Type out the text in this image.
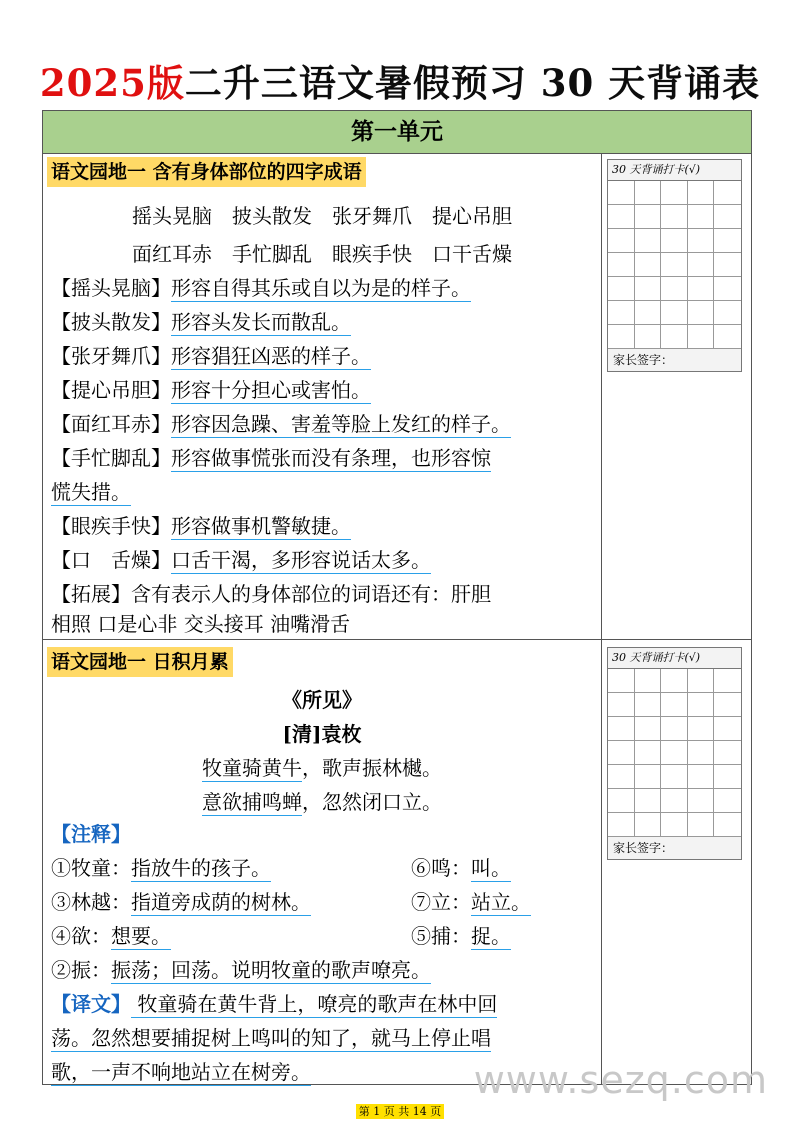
2025版二升三语文暑假预习 30 天背诵表
第一单元
语文园地一 含有身体部位的四字成语
摇头晃脑 披头散发 张牙舞爪 提心吊胆
面红耳赤 手忙脚乱 眼疾手快 口干舌燥
【摇头晃脑】形容自得其乐或自以为是的样子。
【披头散发】形容头发长而散乱。
【张牙舞爪】形容猖狂凶恶的样子。
【提心吊胆】形容十分担心或害怕。
【面红耳赤】形容因急躁、害羞等脸上发红的样子。
【手忙脚乱】形容做事慌张而没有条理，也形容惊
慌失措。
【眼疾手快】形容做事机警敏捷。
【口　舌燥】口舌干渴，多形容说话太多。
【拓展】含有表示人的身体部位的词语还有：肝胆
相照 口是心非 交头接耳 油嘴滑舌
30 天背诵打卡(√)
家长签字：
语文园地一 日积月累
《所见》
[清]袁枚
牧童骑黄牛，歌声振林樾。
意欲捕鸣蝉，忽然闭口立。
【注释】
①牧童：指放牛的孩子。	⑥鸣：叫。
③林越：指道旁成荫的树林。	⑦立：站立。
④欲：想要。	⑤捕：捉。
②振：振荡；回荡。说明牧童的歌声嘹亮。
【译文】 牧童骑在黄牛背上，嘹亮的歌声在林中回
荡。忽然想要捕捉树上鸣叫的知了，就马上停止唱
歌，一声不响地站立在树旁。
30 天背诵打卡(√)
家长签字：
www.sezq.com
第 1 页 共 14 页
